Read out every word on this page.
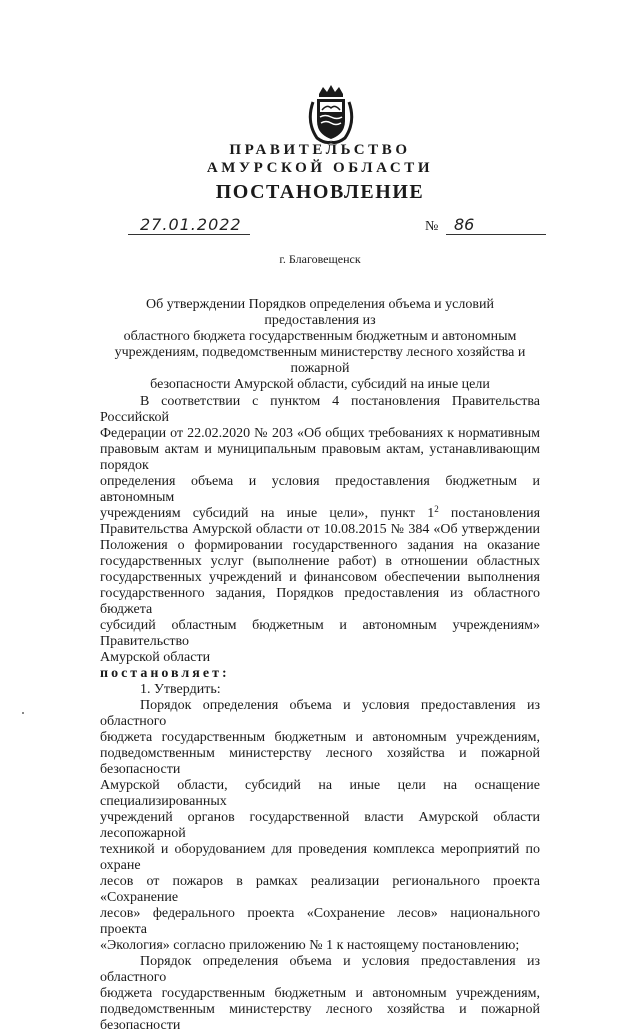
ПРАВИТЕЛЬСТВО
АМУРСКОЙ ОБЛАСТИ
ПОСТАНОВЛЕНИЕ
27.01.2022	№ 86
г. Благовещенск
Об утверждении Порядков определения объема и условий предоставления из
областного бюджета государственным бюджетным и автономным
учреждениям, подведомственным министерству лесного хозяйства и пожарной
безопасности Амурской области, субсидий на иные цели

В соответствии с пунктом 4 постановления Правительства Российской

Федерации от 22.02.2020 № 203 «Об общих требованиях к нормативным

правовым актам и муниципальным правовым актам, устанавливающим порядок

определения объема и условия предоставления бюджетным и автономным

учреждениям субсидий на иные цели», пункт $1^2$ постановления

Правительства Амурской области от 10.08.2015 № 384 «Об утверждении

Положения о формировании государственного задания на оказание

государственных услуг (выполнение работ) в отношении областных

государственных учреждений и финансовом обеспечении выполнения

государственного задания, Порядков предоставления из областного бюджета

субсидий областным бюджетным и автономным учреждениям» Правительство

Амурской области

постановляет:

1. Утвердить:

Порядок определения объема и условия предоставления из областного

бюджета государственным бюджетным и автономным учреждениям,

подведомственным министерству лесного хозяйства и пожарной безопасности

Амурской области, субсидий на иные цели на оснащение специализированных

учреждений органов государственной власти Амурской области лесопожарной

техникой и оборудованием для проведения комплекса мероприятий по охране

лесов от пожаров в рамках реализации регионального проекта «Сохранение

лесов» федерального проекта «Сохранение лесов» национального проекта

«Экология» согласно приложению № 1 к настоящему постановлению;

Порядок определения объема и условия предоставления из областного

бюджета государственным бюджетным и автономным учреждениям,

подведомственным министерству лесного хозяйства и пожарной безопасности
